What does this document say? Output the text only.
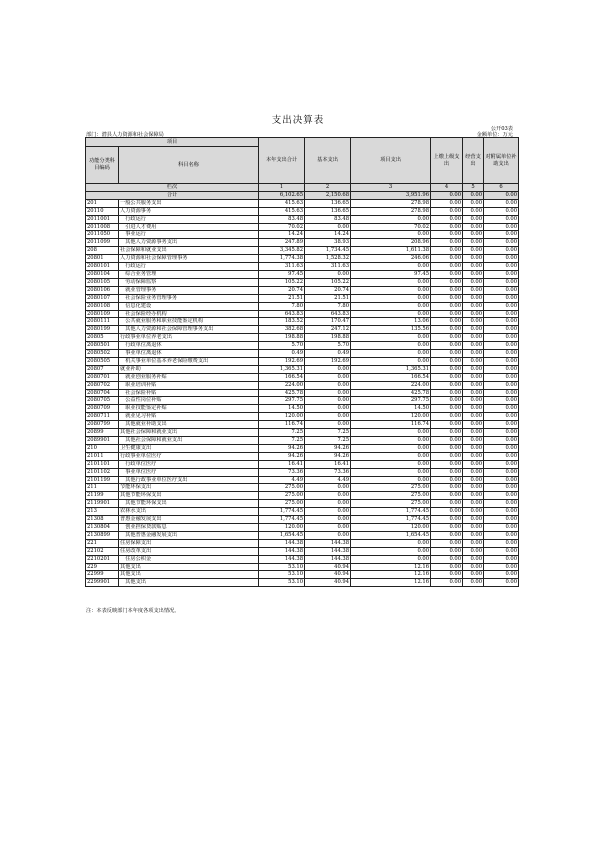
支出决算表
公开03表
部门：潜县人力资源和社会保障局	金额单位：万元
项目		本年支出合计	基本支出	项目支出	上缴上级支出	经营支出	对附属单位补助支出
功能分类科目编码	科目名称						
栏次		1	2	3	4	5	6
合计		6,102.65	2,150.68	3,951.96	0.00	0.00	0.00
201	一般公共服务支出	415.63	136.65	278.98	0.00	0.00	0.00
20110	人力资源事务	415.63	136.65	278.98	0.00	0.00	0.00
2011001	　行政运行	83.48	83.48	0.00	0.00	0.00	0.00
2011008	　引进人才费用	70.02	0.00	70.02	0.00	0.00	0.00
2011050	　事业运行	14.24	14.24	0.00	0.00	0.00	0.00
2011099	　其他人力资源事务支出	247.89	38.93	208.96	0.00	0.00	0.00
208	社会保障和就业支出	3,345.82	1,734.45	1,611.38	0.00	0.00	0.00
20801	人力资源和社会保障管理事务	1,774.38	1,528.32	246.06	0.00	0.00	0.00
2080101	　行政运行	311.63	311.63	0.00	0.00	0.00	0.00
2080104	　综合业务管理	97.45	0.00	97.45	0.00	0.00	0.00
2080105	　劳动保障监察	105.22	105.22	0.00	0.00	0.00	0.00
2080106	　就业管理事务	20.74	20.74	0.00	0.00	0.00	0.00
2080107	　社会保险业务管理事务	21.51	21.51	0.00	0.00	0.00	0.00
2080108	　信息化建设	7.80	7.80	0.00	0.00	0.00	0.00
2080109	　社会保险经办机构	643.83	643.83	0.00	0.00	0.00	0.00
2080111	　公共就业服务和职业技能鉴定机构	183.52	170.47	13.06	0.00	0.00	0.00
2080199	　其他人力资源和社会保障管理事务支出	382.68	247.12	135.56	0.00	0.00	0.00
20805	行政事业单位养老支出	198.88	198.88	0.00	0.00	0.00	0.00
2080501	　行政单位离退休	5.70	5.70	0.00	0.00	0.00	0.00
2080502	　事业单位离退休	0.49	0.49	0.00	0.00	0.00	0.00
2080505	　机关事业单位基本养老保险缴费支出	192.69	192.69	0.00	0.00	0.00	0.00
20807	就业补助	1,365.31	0.00	1,365.31	0.00	0.00	0.00
2080701	　就业创业服务补贴	166.54	0.00	166.54	0.00	0.00	0.00
2080702	　职业培训补贴	224.00	0.00	224.00	0.00	0.00	0.00
2080704	　社会保险补贴	425.78	0.00	425.78	0.00	0.00	0.00
2080705	　公益性岗位补贴	297.75	0.00	297.75	0.00	0.00	0.00
2080709	　职业技能鉴定补贴	14.50	0.00	14.50	0.00	0.00	0.00
2080711	　就业见习补贴	120.00	0.00	120.00	0.00	0.00	0.00
2080799	　其他就业补助支出	116.74	0.00	116.74	0.00	0.00	0.00
20899	其他社会保障和就业支出	7.25	7.25	0.00	0.00	0.00	0.00
2089901	　其他社会保障和就业支出	7.25	7.25	0.00	0.00	0.00	0.00
210	卫生健康支出	94.26	94.26	0.00	0.00	0.00	0.00
21011	行政事业单位医疗	94.26	94.26	0.00	0.00	0.00	0.00
2101101	　行政单位医疗	16.41	16.41	0.00	0.00	0.00	0.00
2101102	　事业单位医疗	73.36	73.36	0.00	0.00	0.00	0.00
2101199	　其他行政事业单位医疗支出	4.49	4.49	0.00	0.00	0.00	0.00
211	节能环保支出	275.00	0.00	275.00	0.00	0.00	0.00
21199	其他节能环保支出	275.00	0.00	275.00	0.00	0.00	0.00
2119901	　其他节能环保支出	275.00	0.00	275.00	0.00	0.00	0.00
213	农林水支出	1,774.45	0.00	1,774.45	0.00	0.00	0.00
21308	普惠金融发展支出	1,774.45	0.00	1,774.45	0.00	0.00	0.00
2130804	　创业担保贷款贴息	120.00	0.00	120.00	0.00	0.00	0.00
2130899	　其他普惠金融发展支出	1,654.45	0.00	1,654.45	0.00	0.00	0.00
221	住房保障支出	144.38	144.38	0.00	0.00	0.00	0.00
22102	住房改革支出	144.38	144.38	0.00	0.00	0.00	0.00
2210201	　住房公积金	144.38	144.38	0.00	0.00	0.00	0.00
229	其他支出	53.10	40.94	12.16	0.00	0.00	0.00
22999	其他支出	53.10	40.94	12.16	0.00	0.00	0.00
2299901	　其他支出	53.10	40.94	12.16	0.00	0.00	0.00
注：本表反映部门本年度各项支出情况。
